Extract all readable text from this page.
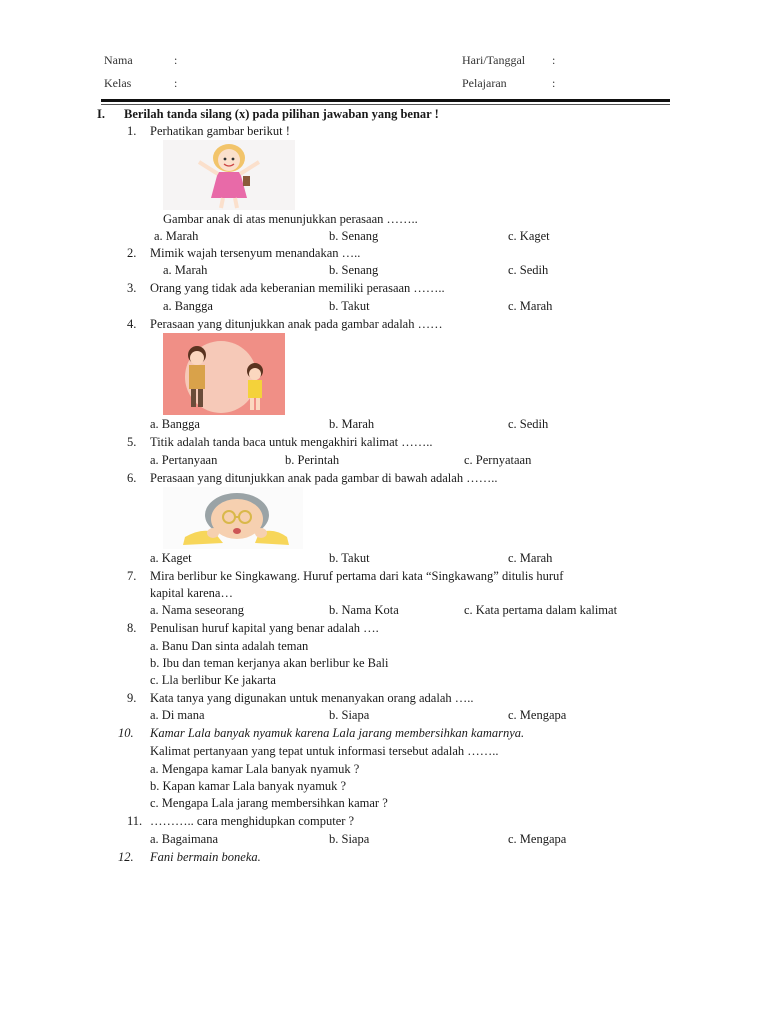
Nama	:
Kelas	:
Hari/Tanggal :
Pelajaran	:
I. Berilah tanda silang (x) pada pilihan jawaban yang benar !
1. Perhatikan gambar berikut !
Gambar anak di atas menunjukkan perasaan ……..
a. Marah	b. Senang	c. Kaget
2. Mimik wajah tersenyum menandakan …..
a. Marah	b. Senang	c. Sedih
3. Orang yang tidak ada keberanian memiliki perasaan ……..
a. Bangga	b. Takut	c. Marah
4. Perasaan yang ditunjukkan anak pada gambar adalah ……
a. Bangga	b. Marah	c. Sedih
5. Titik adalah tanda baca untuk mengakhiri kalimat ……..
a. Pertanyaan	b. Perintah	c. Pernyataan
6. Perasaan yang ditunjukkan anak pada gambar di bawah adalah ……..
a. Kaget	b. Takut	c. Marah
7. Mira berlibur ke Singkawang. Huruf pertama dari kata “Singkawang” ditulis huruf
kapital karena…
a. Nama seseorang	b. Nama Kota	c. Kata pertama dalam kalimat
8. Penulisan huruf kapital yang benar adalah ….
a. Banu Dan sinta adalah teman
b. Ibu dan teman kerjanya akan berlibur ke Bali
c. Lla berlibur Ke jakarta
9. Kata tanya yang digunakan untuk menanyakan orang adalah …..
a. Di mana	b. Siapa	c. Mengapa
10. Kamar Lala banyak nyamuk karena Lala jarang membersihkan kamarnya.
Kalimat pertanyaan yang tepat untuk informasi tersebut adalah ……..
a. Mengapa kamar Lala banyak nyamuk ?
b. Kapan kamar Lala banyak nyamuk ?
c. Mengapa Lala jarang membersihkan kamar ?
11. ……….. cara menghidupkan computer ?
a. Bagaimana	b. Siapa	c. Mengapa
12. Fani bermain boneka.
